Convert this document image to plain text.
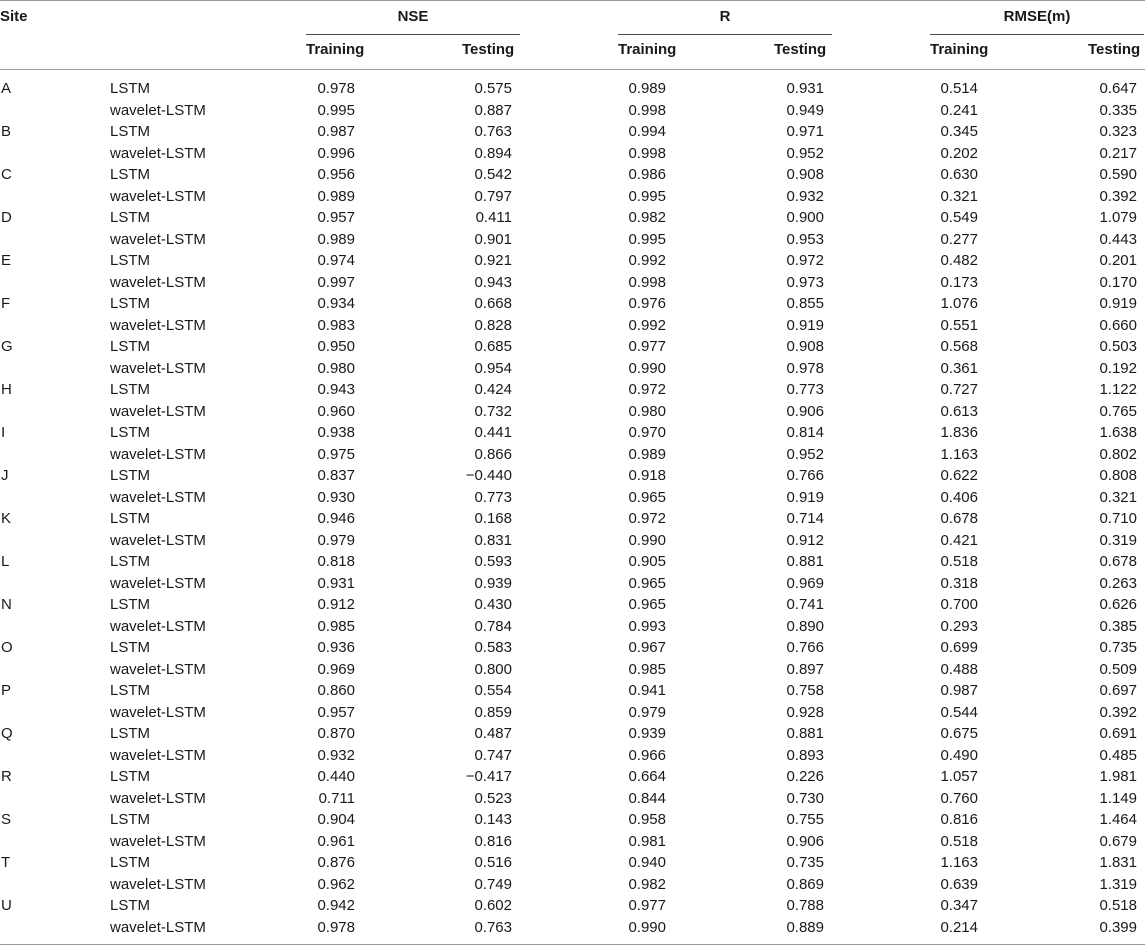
Site	NSE	R	RMSE(m)
Training	Testing	Training	Testing	Training	Testing
A	LSTM	0.978	0.575	0.989	0.931	0.514	0.647
wavelet-LSTM	0.995	0.887	0.998	0.949	0.241	0.335
B	LSTM	0.987	0.763	0.994	0.971	0.345	0.323
wavelet-LSTM	0.996	0.894	0.998	0.952	0.202	0.217
C	LSTM	0.956	0.542	0.986	0.908	0.630	0.590
wavelet-LSTM	0.989	0.797	0.995	0.932	0.321	0.392
D	LSTM	0.957	0.411	0.982	0.900	0.549	1.079
wavelet-LSTM	0.989	0.901	0.995	0.953	0.277	0.443
E	LSTM	0.974	0.921	0.992	0.972	0.482	0.201
wavelet-LSTM	0.997	0.943	0.998	0.973	0.173	0.170
F	LSTM	0.934	0.668	0.976	0.855	1.076	0.919
wavelet-LSTM	0.983	0.828	0.992	0.919	0.551	0.660
G	LSTM	0.950	0.685	0.977	0.908	0.568	0.503
wavelet-LSTM	0.980	0.954	0.990	0.978	0.361	0.192
H	LSTM	0.943	0.424	0.972	0.773	0.727	1.122
wavelet-LSTM	0.960	0.732	0.980	0.906	0.613	0.765
I	LSTM	0.938	0.441	0.970	0.814	1.836	1.638
wavelet-LSTM	0.975	0.866	0.989	0.952	1.163	0.802
J	LSTM	0.837	−0.440	0.918	0.766	0.622	0.808
wavelet-LSTM	0.930	0.773	0.965	0.919	0.406	0.321
K	LSTM	0.946	0.168	0.972	0.714	0.678	0.710
wavelet-LSTM	0.979	0.831	0.990	0.912	0.421	0.319
L	LSTM	0.818	0.593	0.905	0.881	0.518	0.678
wavelet-LSTM	0.931	0.939	0.965	0.969	0.318	0.263
N	LSTM	0.912	0.430	0.965	0.741	0.700	0.626
wavelet-LSTM	0.985	0.784	0.993	0.890	0.293	0.385
O	LSTM	0.936	0.583	0.967	0.766	0.699	0.735
wavelet-LSTM	0.969	0.800	0.985	0.897	0.488	0.509
P	LSTM	0.860	0.554	0.941	0.758	0.987	0.697
wavelet-LSTM	0.957	0.859	0.979	0.928	0.544	0.392
Q	LSTM	0.870	0.487	0.939	0.881	0.675	0.691
wavelet-LSTM	0.932	0.747	0.966	0.893	0.490	0.485
R	LSTM	0.440	−0.417	0.664	0.226	1.057	1.981
wavelet-LSTM	0.711	0.523	0.844	0.730	0.760	1.149
S	LSTM	0.904	0.143	0.958	0.755	0.816	1.464
wavelet-LSTM	0.961	0.816	0.981	0.906	0.518	0.679
T	LSTM	0.876	0.516	0.940	0.735	1.163	1.831
wavelet-LSTM	0.962	0.749	0.982	0.869	0.639	1.319
U	LSTM	0.942	0.602	0.977	0.788	0.347	0.518
wavelet-LSTM	0.978	0.763	0.990	0.889	0.214	0.399
